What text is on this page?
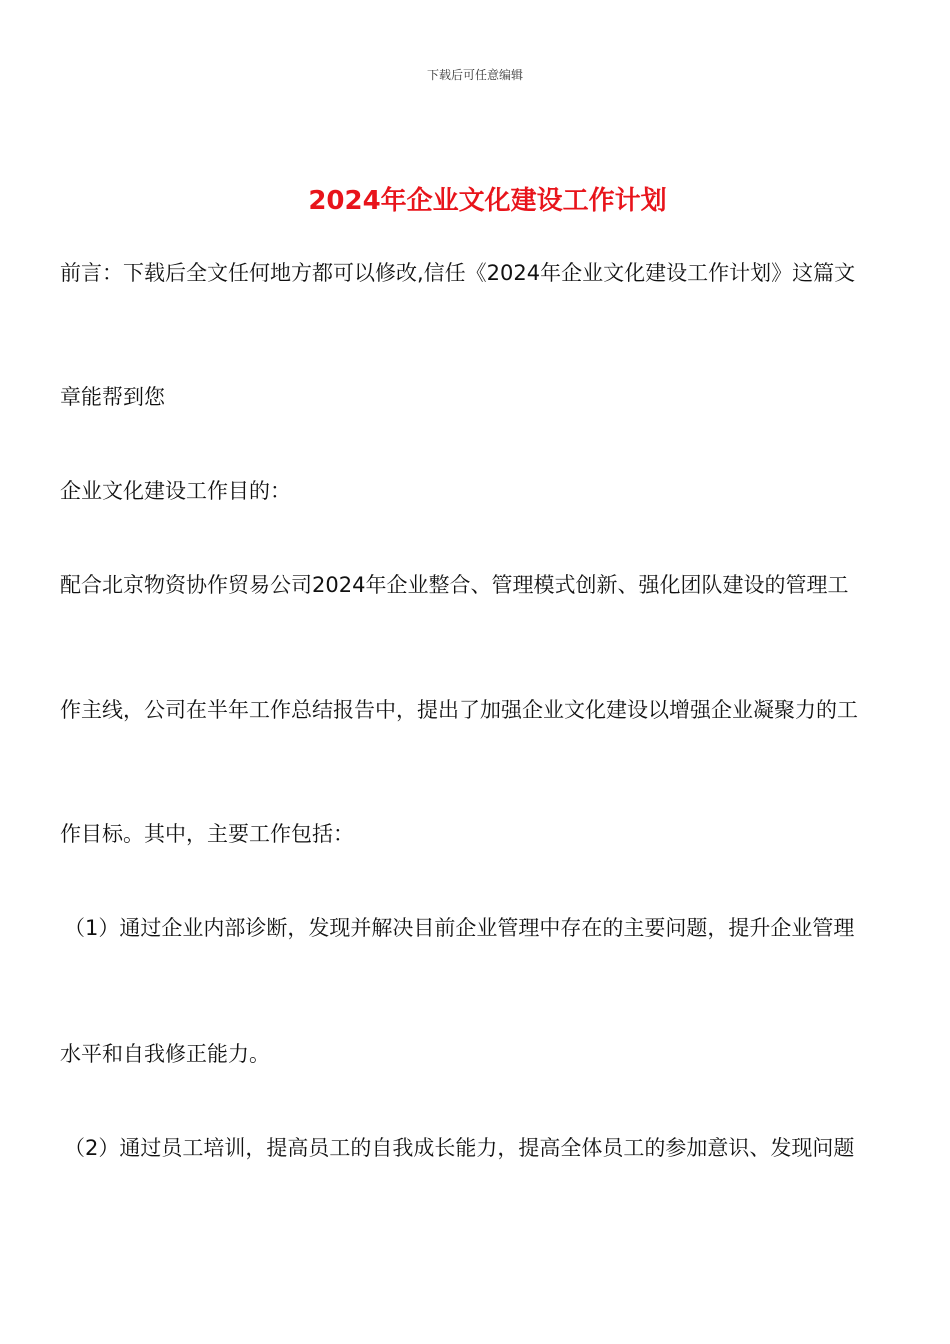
下载后可任意编辑
2024年企业文化建设工作计划
前言：下载后全文任何地方都可以修改,信任《2024年企业文化建设工作计划》这篇文
章能帮到您
企业文化建设工作目的：
配合北京物资协作贸易公司2024年企业整合、管理模式创新、强化团队建设的管理工
作主线，公司在半年工作总结报告中，提出了加强企业文化建设以增强企业凝聚力的工
作目标。其中，主要工作包括：
（1）通过企业内部诊断，发现并解决目前企业管理中存在的主要问题，提升企业管理
水平和自我修正能力。
（2）通过员工培训，提高员工的自我成长能力，提高全体员工的参加意识、发现问题
